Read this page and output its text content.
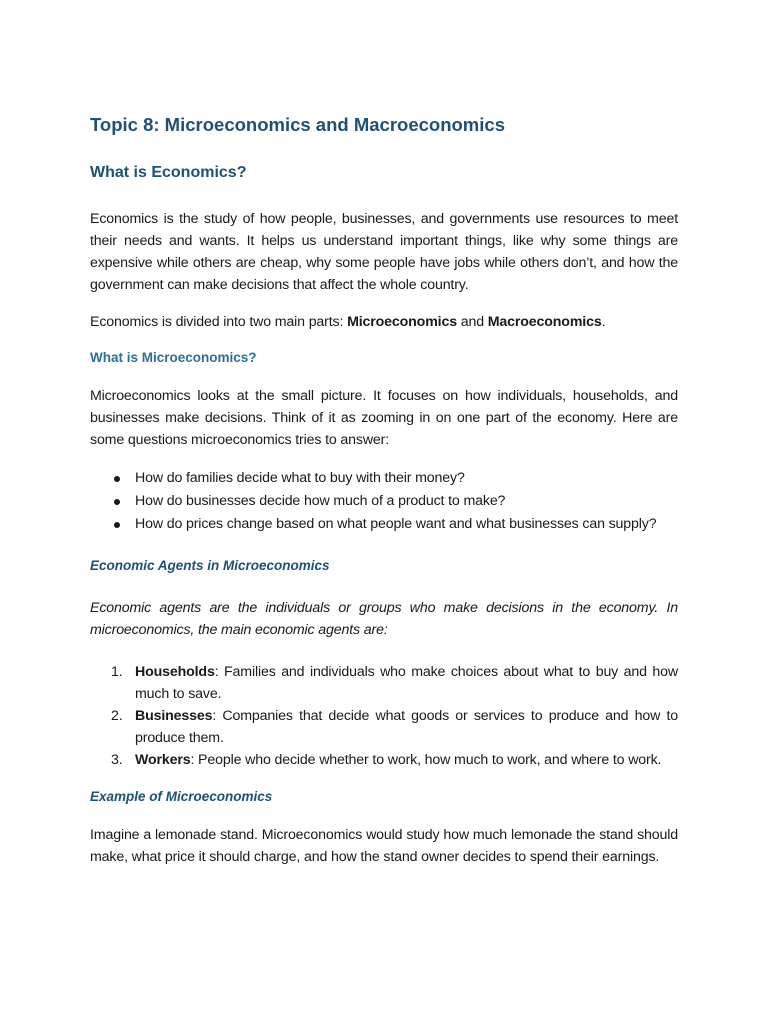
Topic 8: Microeconomics and Macroeconomics
What is Economics?

Economics is the study of how people, businesses, and governments use resources to meet their needs and wants. It helps us understand important things, like why some things are expensive while others are cheap, why some people have jobs while others don’t, and how the government can make decisions that affect the whole country.

Economics is divided into two main parts: Microeconomics and Macroeconomics.

What is Microeconomics?

Microeconomics looks at the small picture. It focuses on how individuals, households, and businesses make decisions. Think of it as zooming in on one part of the economy. Here are some questions microeconomics tries to answer:

How do families decide what to buy with their money?
How do businesses decide how much of a product to make?
How do prices change based on what people want and what businesses can supply?
Economic Agents in Microeconomics

Economic agents are the individuals or groups who make decisions in the economy. In microeconomics, the main economic agents are:

1. Households: Families and individuals who make choices about what to buy and how much to save.
2. Businesses: Companies that decide what goods or services to produce and how to produce them.
3. Workers: People who decide whether to work, how much to work, and where to work.
Example of Microeconomics

Imagine a lemonade stand. Microeconomics would study how much lemonade the stand should make, what price it should charge, and how the stand owner decides to spend their earnings.
